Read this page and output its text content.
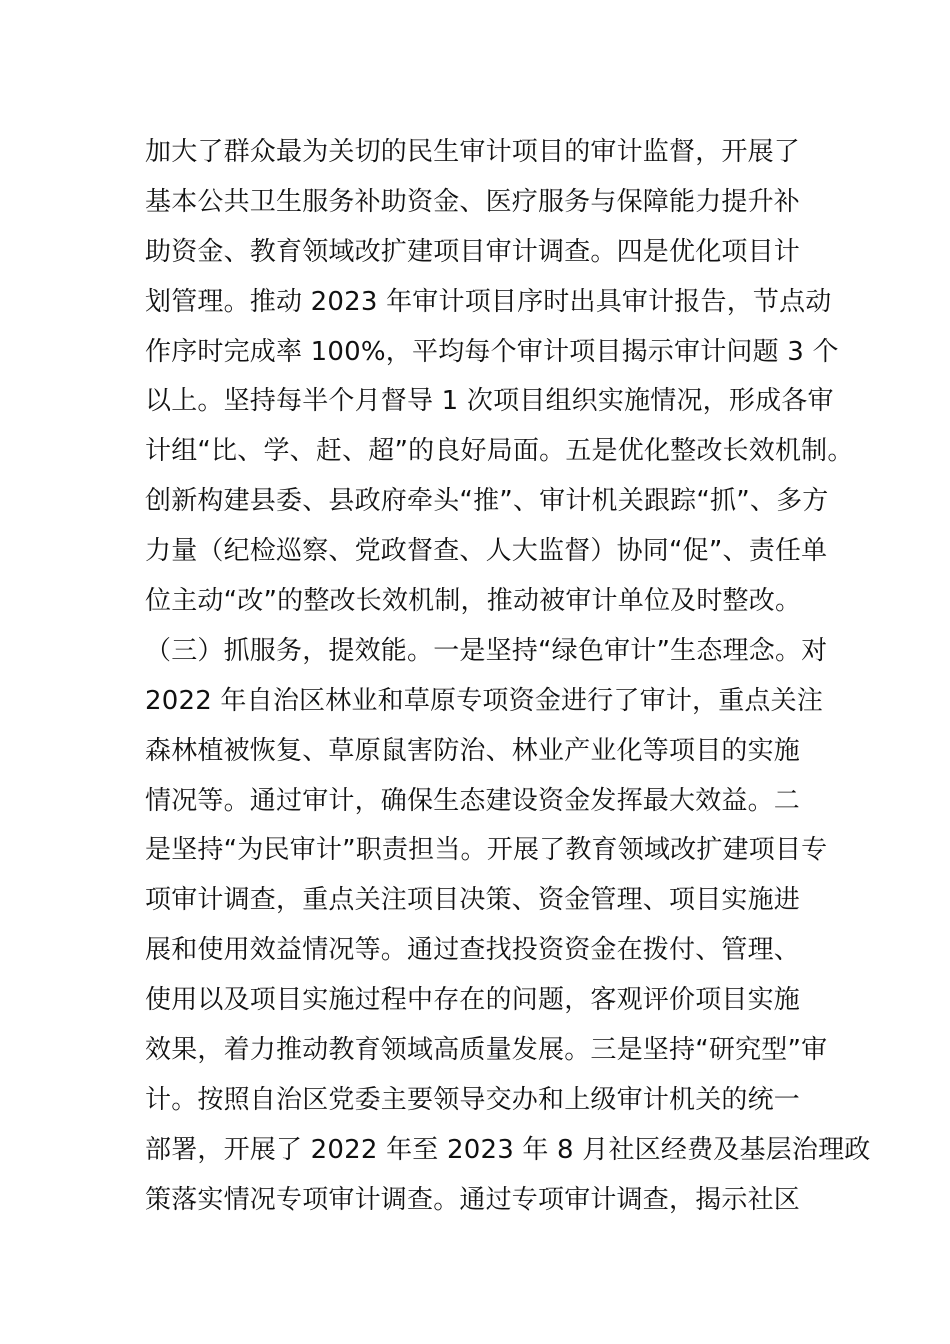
加大了群众最为关切的民生审计项目的审计监督，开展了
基本公共卫生服务补助资金、医疗服务与保障能力提升补
助资金、教育领域改扩建项目审计调查。四是优化项目计
划管理。推动 2023 年审计项目序时出具审计报告，节点动
作序时完成率 100%，平均每个审计项目揭示审计问题 3 个
以上。坚持每半个月督导 1 次项目组织实施情况，形成各审
计组“比、学、赶、超”的良好局面。五是优化整改长效机制。
创新构建县委、县政府牵头“推”、审计机关跟踪“抓”、多方
力量（纪检巡察、党政督查、人大监督）协同“促”、责任单
位主动“改”的整改长效机制，推动被审计单位及时整改。
（三）抓服务，提效能。一是坚持“绿色审计”生态理念。对
2022 年自治区林业和草原专项资金进行了审计，重点关注
森林植被恢复、草原鼠害防治、林业产业化等项目的实施
情况等。通过审计，确保生态建设资金发挥最大效益。二
是坚持“为民审计”职责担当。开展了教育领域改扩建项目专
项审计调查，重点关注项目决策、资金管理、项目实施进
展和使用效益情况等。通过查找投资资金在拨付、管理、
使用以及项目实施过程中存在的问题，客观评价项目实施
效果，着力推动教育领域高质量发展。三是坚持“研究型”审
计。按照自治区党委主要领导交办和上级审计机关的统一
部署，开展了 2022 年至 2023 年 8 月社区经费及基层治理政
策落实情况专项审计调查。通过专项审计调查，揭示社区
